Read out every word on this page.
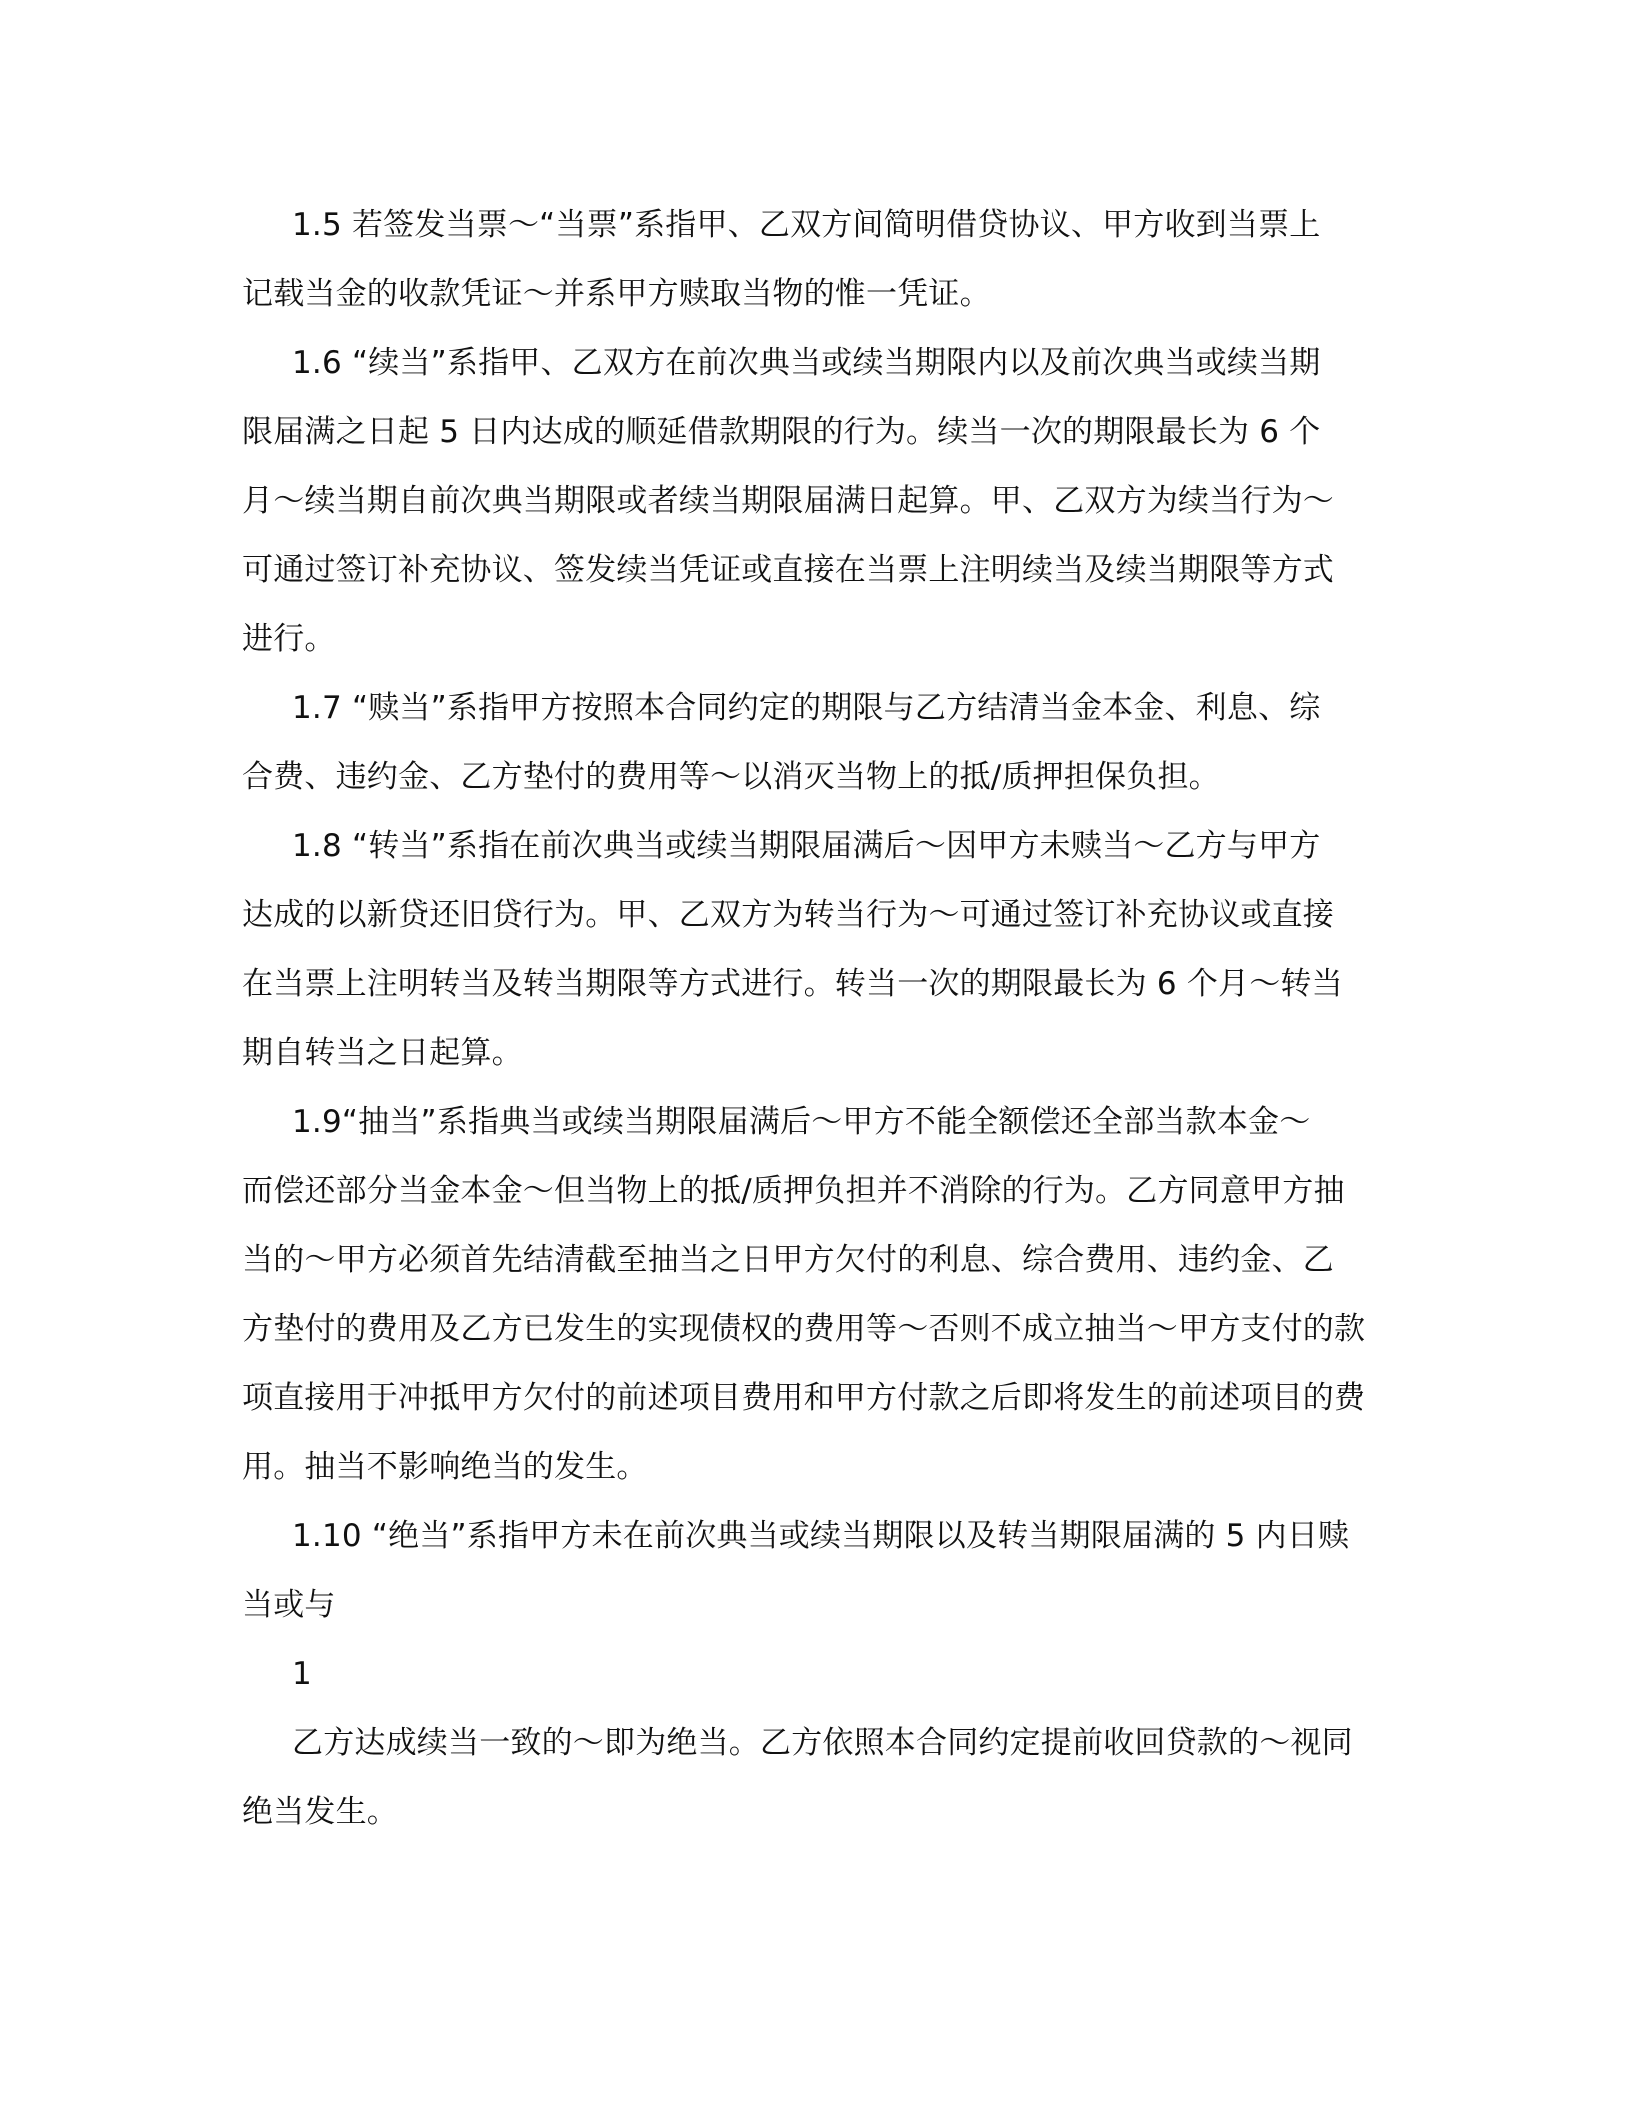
1.5 若签发当票～“当票”系指甲、乙双方间简明借贷协议、甲方收到当票上
记载当金的收款凭证～并系甲方赎取当物的惟一凭证。
1.6 “续当”系指甲、乙双方在前次典当或续当期限内以及前次典当或续当期
限届满之日起 5 日内达成的顺延借款期限的行为。续当一次的期限最长为 6 个
月～续当期自前次典当期限或者续当期限届满日起算。甲、乙双方为续当行为～
可通过签订补充协议、签发续当凭证或直接在当票上注明续当及续当期限等方式
进行。
1.7 “赎当”系指甲方按照本合同约定的期限与乙方结清当金本金、利息、综
合费、违约金、乙方垫付的费用等～以消灭当物上的抵/质押担保负担。
1.8 “转当”系指在前次典当或续当期限届满后～因甲方未赎当～乙方与甲方
达成的以新贷还旧贷行为。甲、乙双方为转当行为～可通过签订补充协议或直接
在当票上注明转当及转当期限等方式进行。转当一次的期限最长为 6 个月～转当
期自转当之日起算。
1.9“抽当”系指典当或续当期限届满后～甲方不能全额偿还全部当款本金～
而偿还部分当金本金～但当物上的抵/质押负担并不消除的行为。乙方同意甲方抽
当的～甲方必须首先结清截至抽当之日甲方欠付的利息、综合费用、违约金、乙
方垫付的费用及乙方已发生的实现债权的费用等～否则不成立抽当～甲方支付的款
项直接用于冲抵甲方欠付的前述项目费用和甲方付款之后即将发生的前述项目的费
用。抽当不影响绝当的发生。
1.10 “绝当”系指甲方未在前次典当或续当期限以及转当期限届满的 5 内日赎
当或与
1
乙方达成续当一致的～即为绝当。乙方依照本合同约定提前收回贷款的～视同
绝当发生。
